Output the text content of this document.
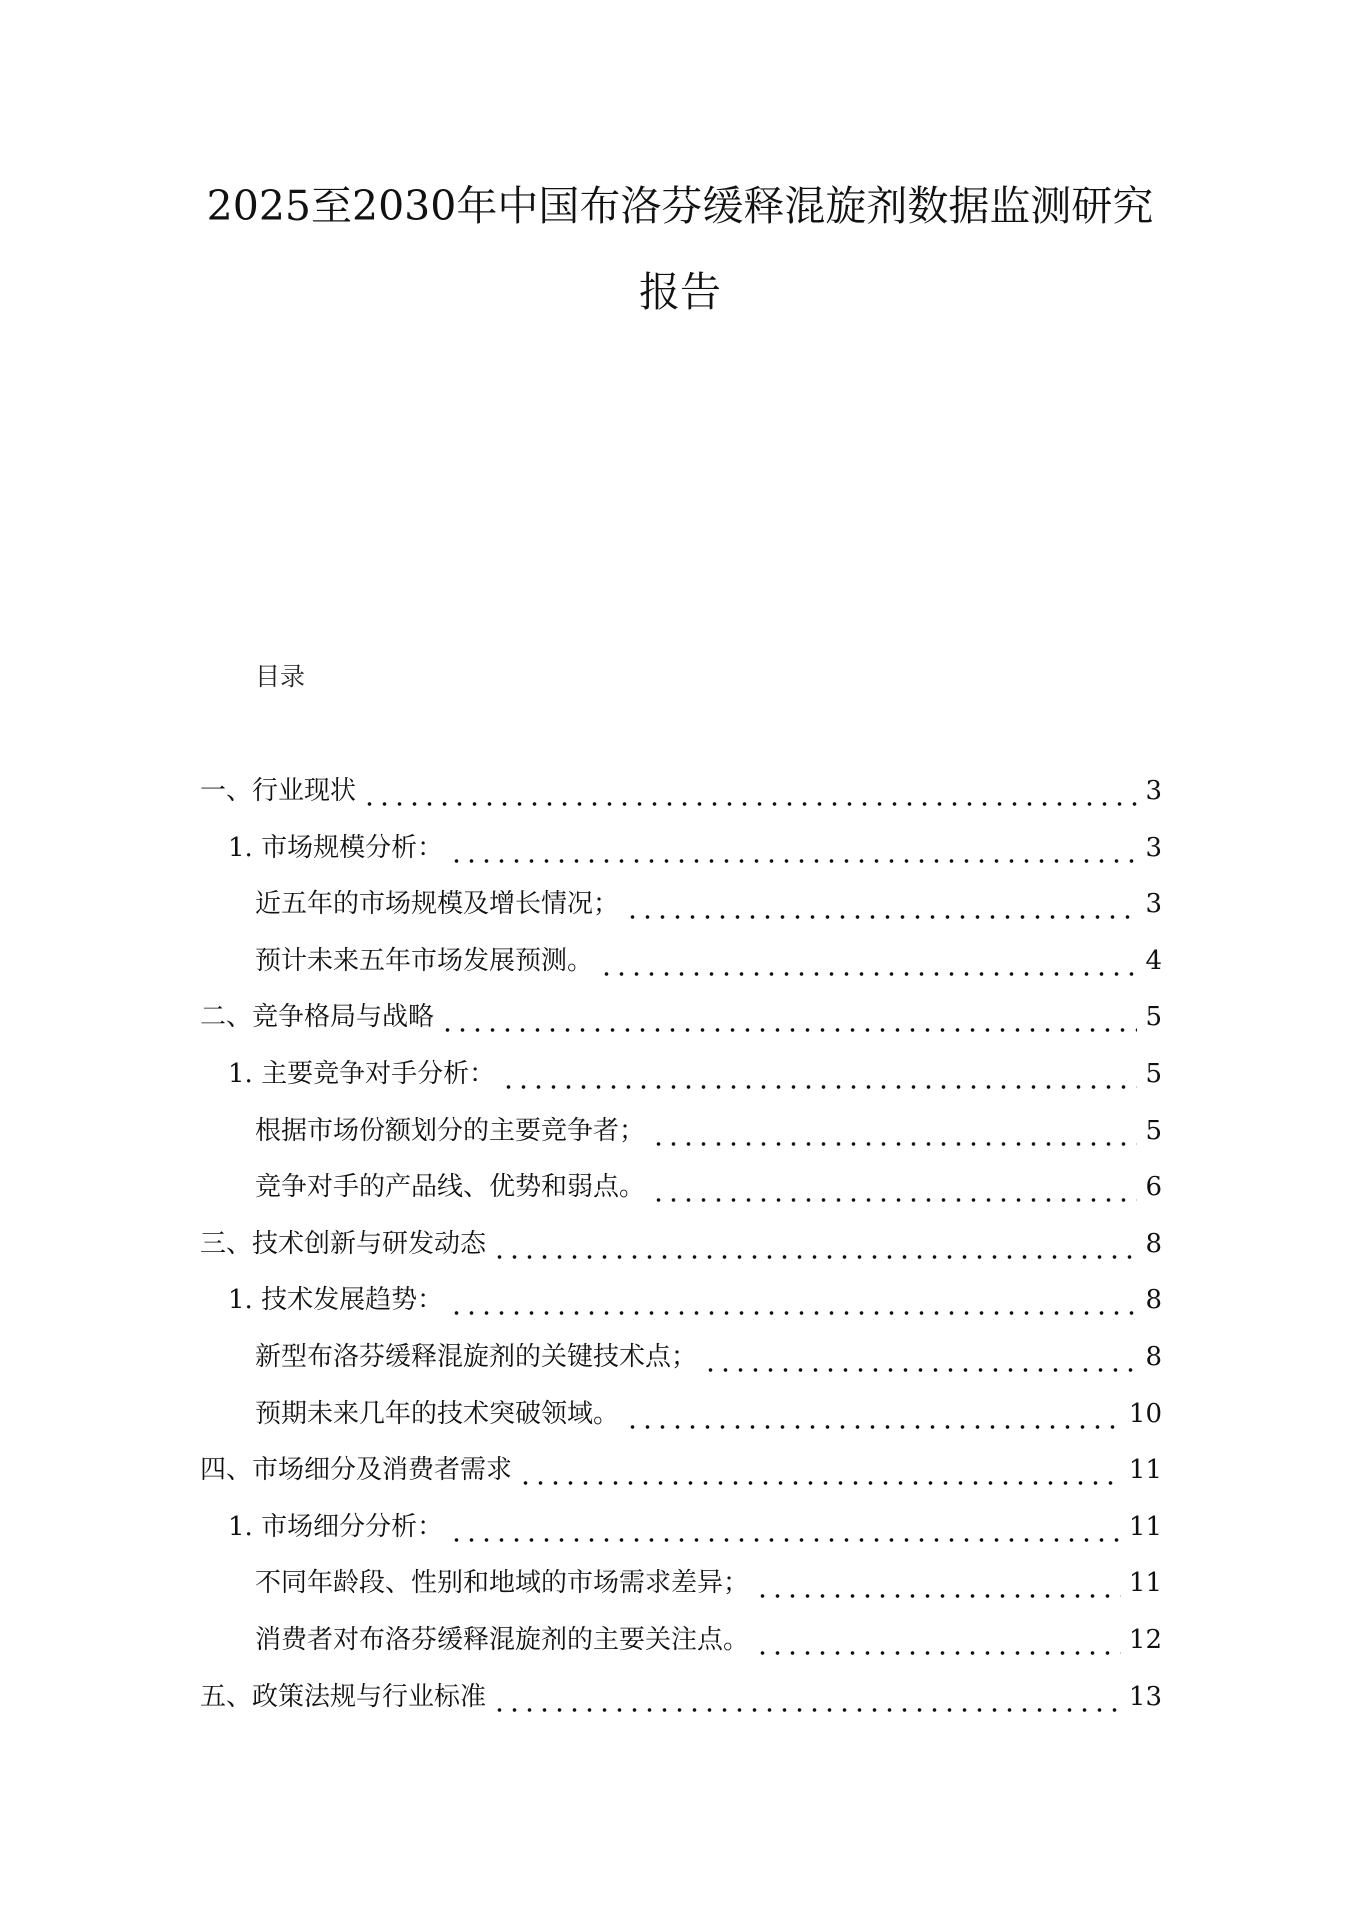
2025至2030年中国布洛芬缓释混旋剂数据监测研究
报告
目录
一、行业现状	3
1. 市场规模分析：	3
近五年的市场规模及增长情况；	3
预计未来五年市场发展预测。	4
二、竞争格局与战略	5
1. 主要竞争对手分析：	5
根据市场份额划分的主要竞争者；	5
竞争对手的产品线、优势和弱点。	6
三、技术创新与研发动态	8
1. 技术发展趋势：	8
新型布洛芬缓释混旋剂的关键技术点；	8
预期未来几年的技术突破领域。	10
四、市场细分及消费者需求	11
1. 市场细分分析：	11
不同年龄段、性别和地域的市场需求差异；	11
消费者对布洛芬缓释混旋剂的主要关注点。	12
五、政策法规与行业标准	13
